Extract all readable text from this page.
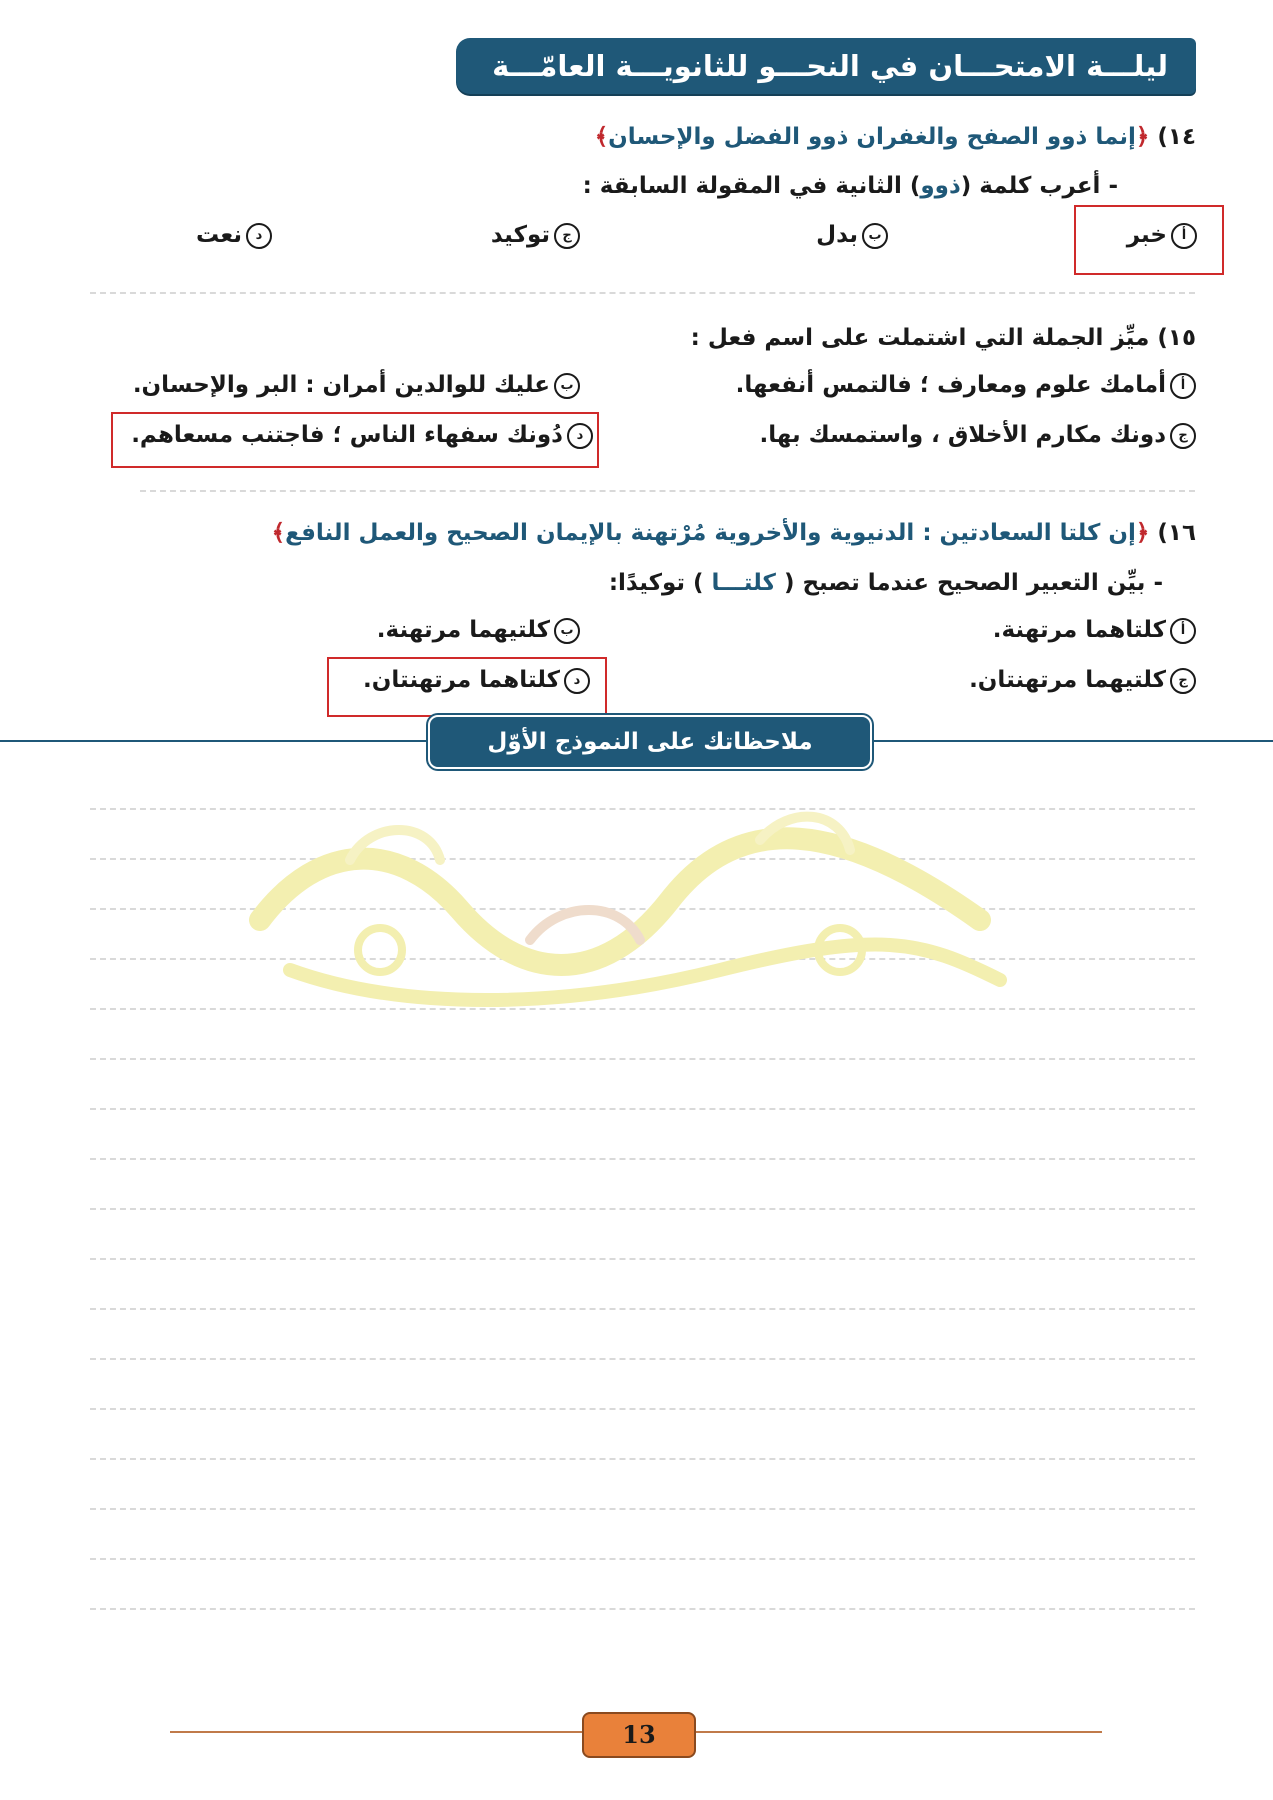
ليلـــة الامتحـــان في النحـــو للثانويـــة العامّـــة
١٤) ﴿إنما ذوو الصفح والغفران ذوو الفضل والإحسان﴾
- أعرب كلمة (ذوو) الثانية في المقولة السابقة :
أخبر
ببدل
جتوكيد
دنعت
١٥) ميِّز الجملة التي اشتملت على اسم فعل :
أأمامك علوم ومعارف ؛ فالتمس أنفعها.
بعليك للوالدين أمران : البر والإحسان.
جدونك مكارم الأخلاق ، واستمسك بها.
ددُونك سفهاء الناس ؛ فاجتنب مسعاهم.
١٦) ﴿إن كلتا السعادتين : الدنيوية والأخروية مُرْتهنة بالإيمان الصحيح والعمل النافع﴾
- بيِّن التعبير الصحيح عندما تصبح ( كلتـــا ) توكيدًا:
أكلتاهما مرتهنة.
بكلتيهما مرتهنة.
جكلتيهما مرتهنتان.
دكلتاهما مرتهنتان.
ملاحظاتك على النموذج الأوّل
13
